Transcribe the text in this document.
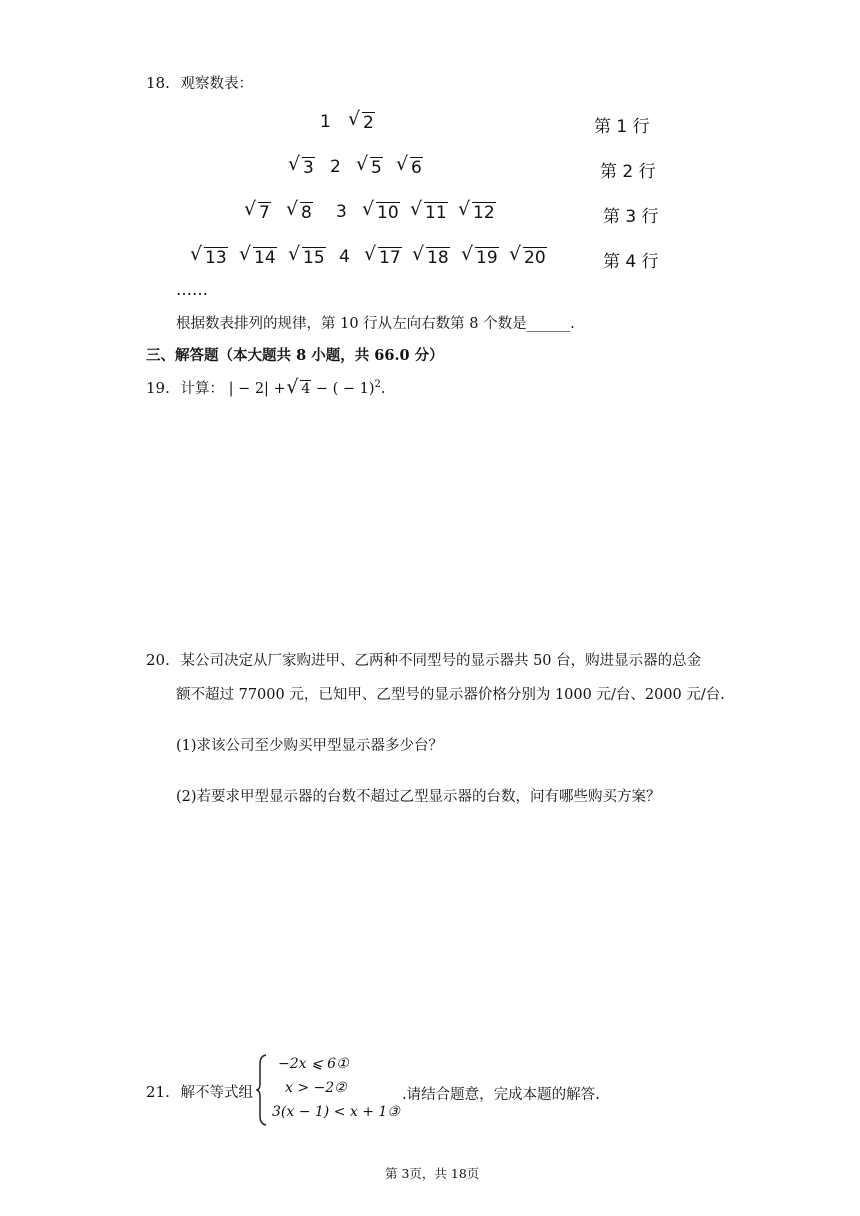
18. 观察数表：
1	√ 2	第 1 行
√ 3 2	√ 5	√ 6	第 2 行
√ 7	√ 8 3	√ 10	√ 11	√ 12	第 3 行
√ 13	√ 14	√ 15 4	√ 17	√ 18	√ 19	√ 20	第 4 行
……
根据数表排列的规律，第 10 行从左向右数第 8 个数是______.
三、解答题（本大题共 8 小题，共 66.0 分）
19. 计算： | − 2| + √ 4 − ( − 1)$^2$.
20. 某公司决定从厂家购进甲、乙两种不同型号的显示器共 50 台，购进显示器的总金
额不超过 77000 元，已知甲、乙型号的显示器价格分别为 1000 元/台、2000 元/台.
(1)求该公司至少购买甲型显示器多少台？
(2)若要求甲型显示器的台数不超过乙型显示器的台数，问有哪些购买方案？
21. 解不等式组
−2x ⩽ 6①
x > −2②
3(x − 1) < x + 1③
.请结合题意，完成本题的解答.
第 3页，共 18页
